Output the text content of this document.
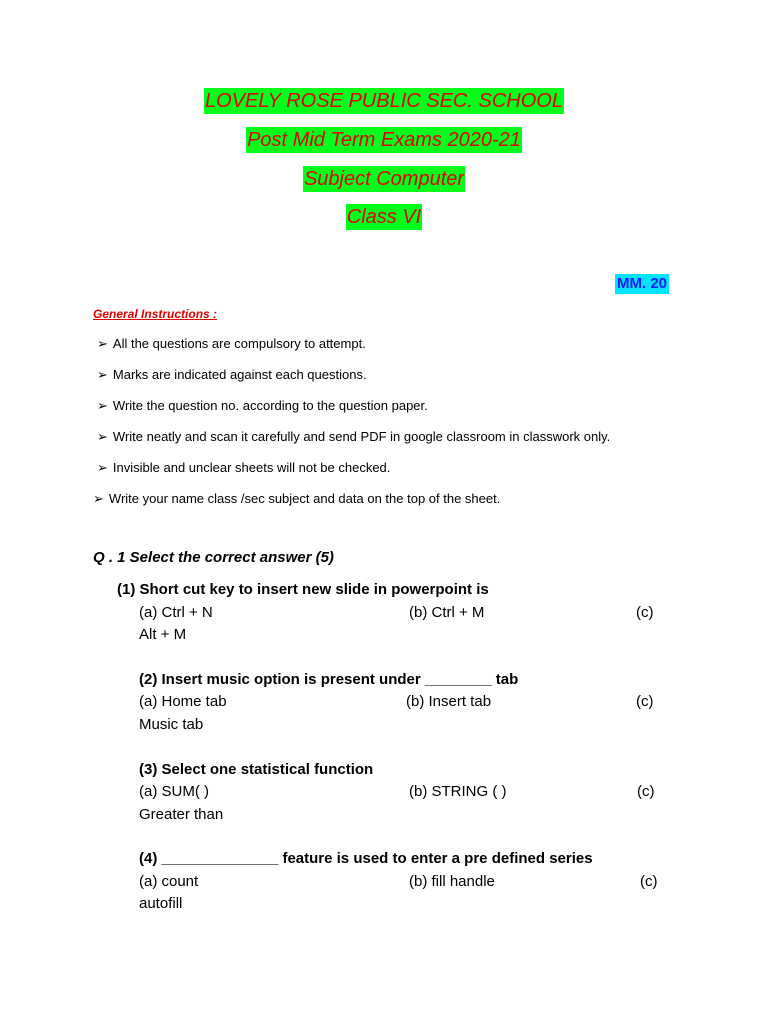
LOVELY ROSE PUBLIC SEC. SCHOOL
Post Mid Term Exams 2020-21
Subject Computer
Class VI
MM. 20
General Instructions :
➢ All the questions are compulsory to attempt.
➢ Marks are indicated against each questions.
➢ Write the question no. according to the question paper.
➢ Write neatly and scan it carefully and send PDF in google classroom in classwork only.
➢ Invisible and unclear sheets will not be checked.
➢ Write your name class /sec subject and data on the top of the sheet.
Q . 1 Select the correct answer (5)
(1) Short cut key to insert new slide in powerpoint is
(a) Ctrl + N	(b) Ctrl + M	(c)
Alt + M
(2) Insert music option is present under ________ tab
(a) Home tab	(b) Insert tab	(c)
Music tab
(3) Select one statistical function
(a) SUM( )	(b) STRING ( )	(c)
Greater than
(4) ______________ feature is used to enter a pre defined series
(a) count	(b) fill handle	(c)
autofill
